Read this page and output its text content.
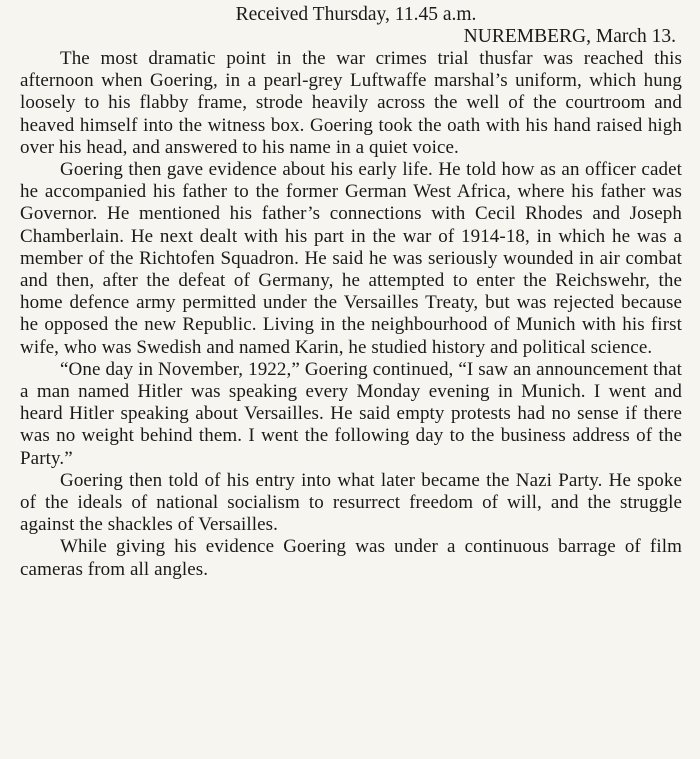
Received Thursday, 11.45 a.m.

NUREMBERG, March 13.

The most dramatic point in the war crimes trial thusfar was reached this afternoon when Goering, in a pearl-grey Luftwaffe marshal’s uniform, which hung loosely to his flabby frame, strode heavily across the well of the courtroom and heaved himself into the witness box. Goering took the oath with his hand raised high over his head, and answered to his name in a quiet voice.

Goering then gave evidence about his early life. He told how as an officer cadet he accompanied his father to the former German West Africa, where his father was Governor. He mentioned his father’s connections with Cecil Rhodes and Joseph Chamberlain. He next dealt with his part in the war of 1914-18, in which he was a member of the Richtofen Squadron. He said he was seriously wounded in air combat and then, after the defeat of Germany, he attempted to enter the Reichswehr, the home defence army permitted under the Versailles Treaty, but was rejected because he opposed the new Republic. Living in the neighbourhood of Munich with his first wife, who was Swedish and named Karin, he studied history and political science.

“One day in November, 1922,” Goering continued, “I saw an announcement that a man named Hitler was speaking every Monday evening in Munich. I went and heard Hitler speaking about Versailles. He said empty protests had no sense if there was no weight behind them. I went the following day to the business address of the Party.”

Goering then told of his entry into what later became the Nazi Party. He spoke of the ideals of national socialism to resurrect freedom of will, and the struggle against the shackles of Versailles.

While giving his evidence Goering was under a continuous barrage of film cameras from all angles.
